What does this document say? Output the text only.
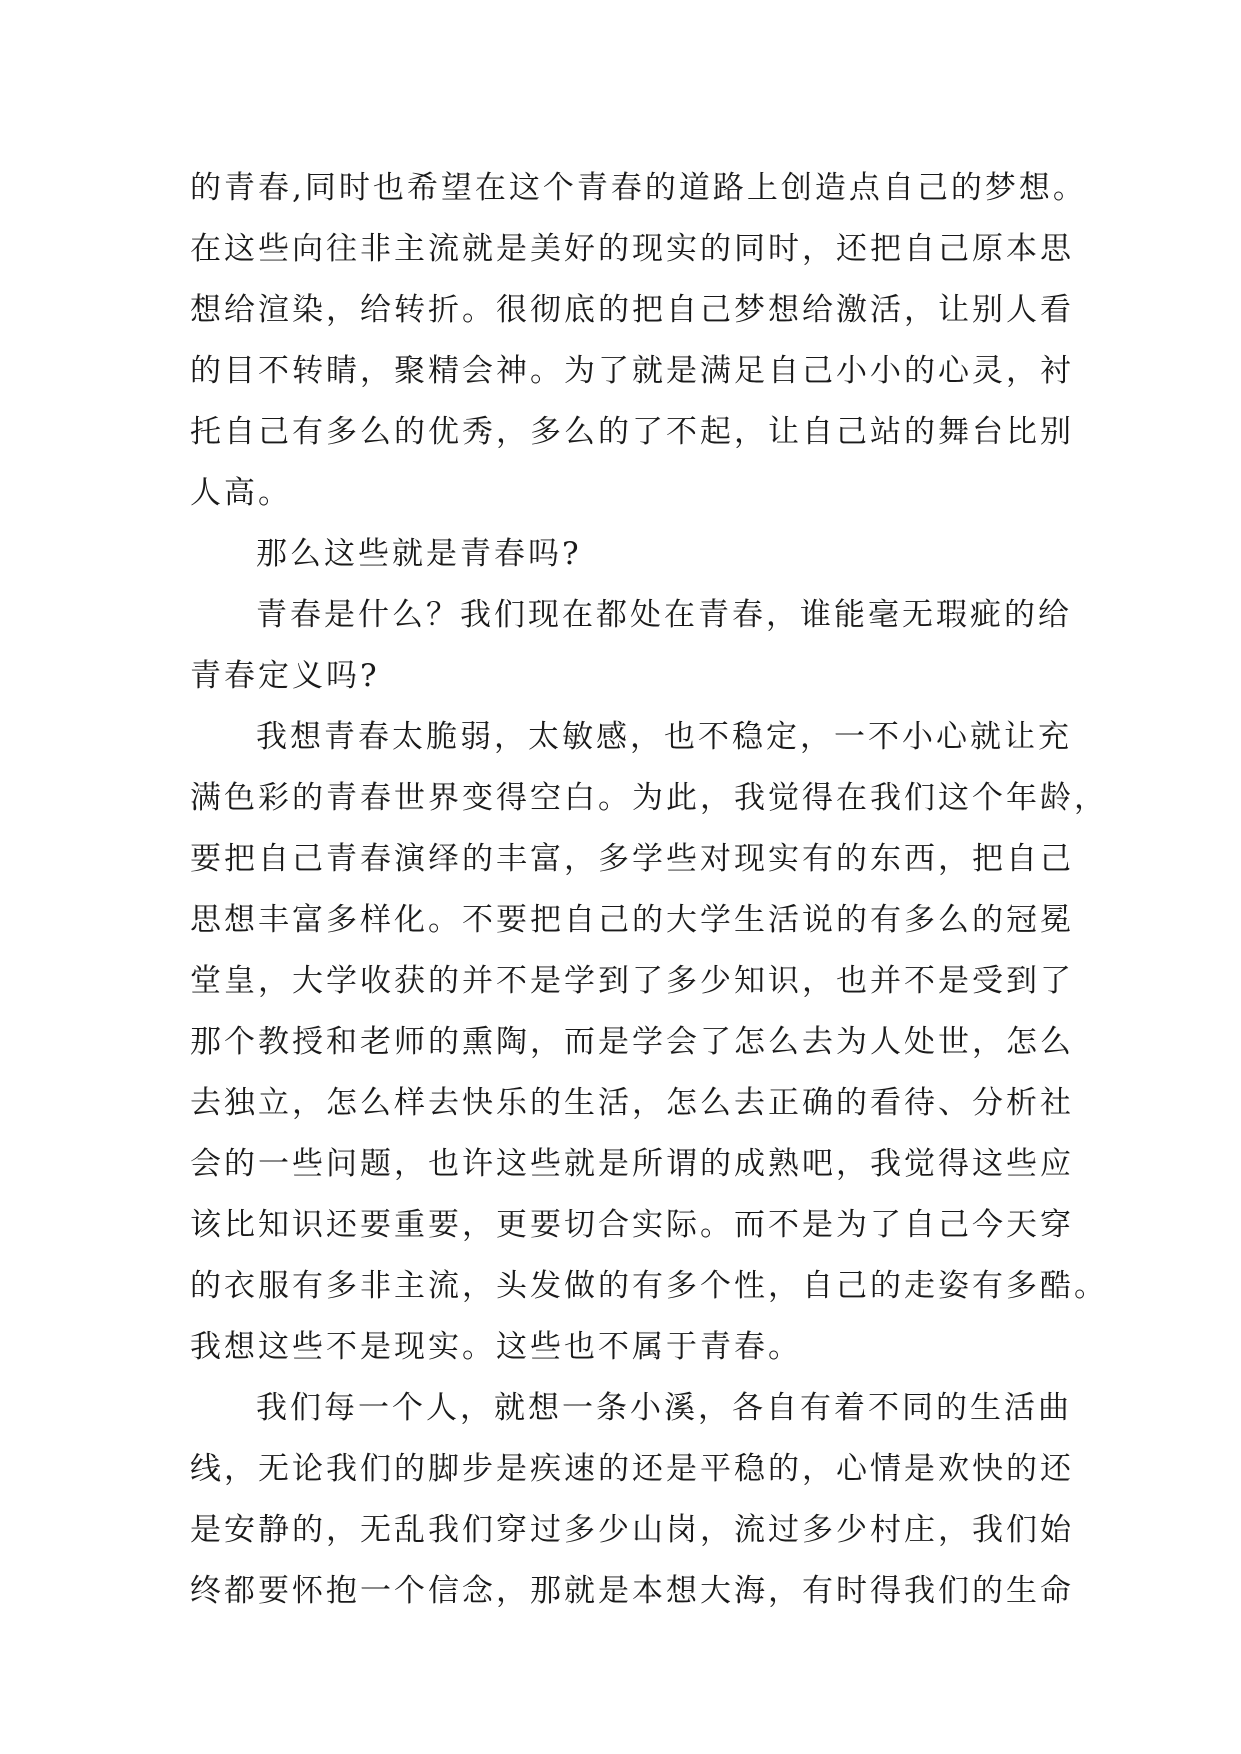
的青春,同时也希望在这个青春的道路上创造点自己的梦想。

在这些向往非主流就是美好的现实的同时，还把自己原本思

想给渲染，给转折。很彻底的把自己梦想给激活，让别人看

的目不转睛，聚精会神。为了就是满足自己小小的心灵，衬

托自己有多么的优秀，多么的了不起，让自己站的舞台比别

人高。

那么这些就是青春吗?

青春是什么？我们现在都处在青春，谁能毫无瑕疵的给

青春定义吗?

我想青春太脆弱，太敏感，也不稳定，一不小心就让充

满色彩的青春世界变得空白。为此，我觉得在我们这个年龄，

要把自己青春演绎的丰富，多学些对现实有的东西，把自己

思想丰富多样化。不要把自己的大学生活说的有多么的冠冕

堂皇，大学收获的并不是学到了多少知识，也并不是受到了

那个教授和老师的熏陶，而是学会了怎么去为人处世，怎么

去独立，怎么样去快乐的生活，怎么去正确的看待、分析社

会的一些问题，也许这些就是所谓的成熟吧，我觉得这些应

该比知识还要重要，更要切合实际。而不是为了自己今天穿

的衣服有多非主流，头发做的有多个性，自己的走姿有多酷。

我想这些不是现实。这些也不属于青春。

我们每一个人，就想一条小溪，各自有着不同的生活曲

线，无论我们的脚步是疾速的还是平稳的，心情是欢快的还

是安静的，无乱我们穿过多少山岗，流过多少村庄，我们始

终都要怀抱一个信念，那就是本想大海，有时得我们的生命
